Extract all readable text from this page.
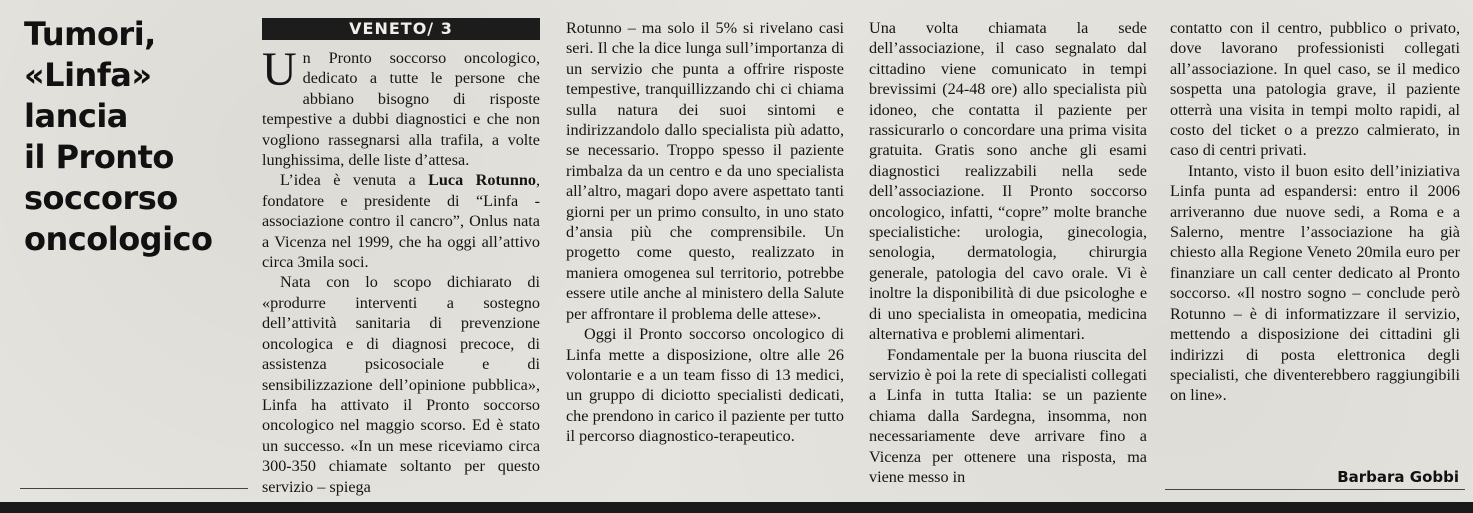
Tumori,
«Linfa»
lancia
il Pronto
soccorso
oncologico
VENETO/ 3

Un Pronto soccorso oncologico, dedicato a tutte le persone che abbiano bisogno di risposte tempestive a dubbi diagnostici e che non vogliono rassegnarsi alla trafila, a volte lunghissima, delle liste d’attesa.

L’idea è venuta a Luca Rotunno, fondatore e presidente di “Linfa - associazione contro il cancro”, Onlus nata a Vicenza nel 1999, che ha oggi all’attivo circa 3mila soci.

Nata con lo scopo dichiarato di «produrre interventi a sostegno dell’attività sanitaria di prevenzione oncologica e di diagnosi precoce, di assistenza psicosociale e di sensibilizzazione dell’opinione pubblica», Linfa ha attivato il Pronto soccorso oncologico nel maggio scorso. Ed è stato un successo. «In un mese riceviamo circa 300-350 chiamate soltanto per questo servizio – spiega

Rotunno – ma solo il 5% si rivelano casi seri. Il che la dice lunga sull’importanza di un servizio che punta a offrire risposte tempestive, tranquillizzando chi ci chiama sulla natura dei suoi sintomi e indirizzandolo dallo specialista più adatto, se necessario. Troppo spesso il paziente rimbalza da un centro e da uno specialista all’altro, magari dopo avere aspettato tanti giorni per un primo consulto, in uno stato d’ansia più che comprensibile. Un progetto come questo, realizzato in maniera omogenea sul territorio, potrebbe essere utile anche al ministero della Salute per affrontare il problema delle attese».

Oggi il Pronto soccorso oncologico di Linfa mette a disposizione, oltre alle 26 volontarie e a un team fisso di 13 medici, un gruppo di diciotto specialisti dedicati, che prendono in carico il paziente per tutto il percorso diagnostico-terapeutico.

Una volta chiamata la sede dell’associazione, il caso segnalato dal cittadino viene comunicato in tempi brevissimi (24-48 ore) allo specialista più idoneo, che contatta il paziente per rassicurarlo o concordare una prima visita gratuita. Gratis sono anche gli esami diagnostici realizzabili nella sede dell’associazione. Il Pronto soccorso oncologico, infatti, “copre” molte branche specialistiche: urologia, ginecologia, senologia, dermatologia, chirurgia generale, patologia del cavo orale. Vi è inoltre la disponibilità di due psicologhe e di uno specialista in omeopatia, medicina alternativa e problemi alimentari.

Fondamentale per la buona riuscita del servizio è poi la rete di specialisti collegati a Linfa in tutta Italia: se un paziente chiama dalla Sardegna, insomma, non necessariamente deve arrivare fino a Vicenza per ottenere una risposta, ma viene messo in

contatto con il centro, pubblico o privato, dove lavorano professionisti collegati all’associazione. In quel caso, se il medico sospetta una patologia grave, il paziente otterrà una visita in tempi molto rapidi, al costo del ticket o a prezzo calmierato, in caso di centri privati.

Intanto, visto il buon esito dell’iniziativa Linfa punta ad espandersi: entro il 2006 arriveranno due nuove sedi, a Roma e a Salerno, mentre l’associazione ha già chiesto alla Regione Veneto 20mila euro per finanziare un call center dedicato al Pronto soccorso. «Il nostro sogno – conclude però Rotunno – è di informatizzare il servizio, mettendo a disposizione dei cittadini gli indirizzi di posta elettronica degli specialisti, che diventerebbero raggiungibili on line».

Barbara Gobbi
